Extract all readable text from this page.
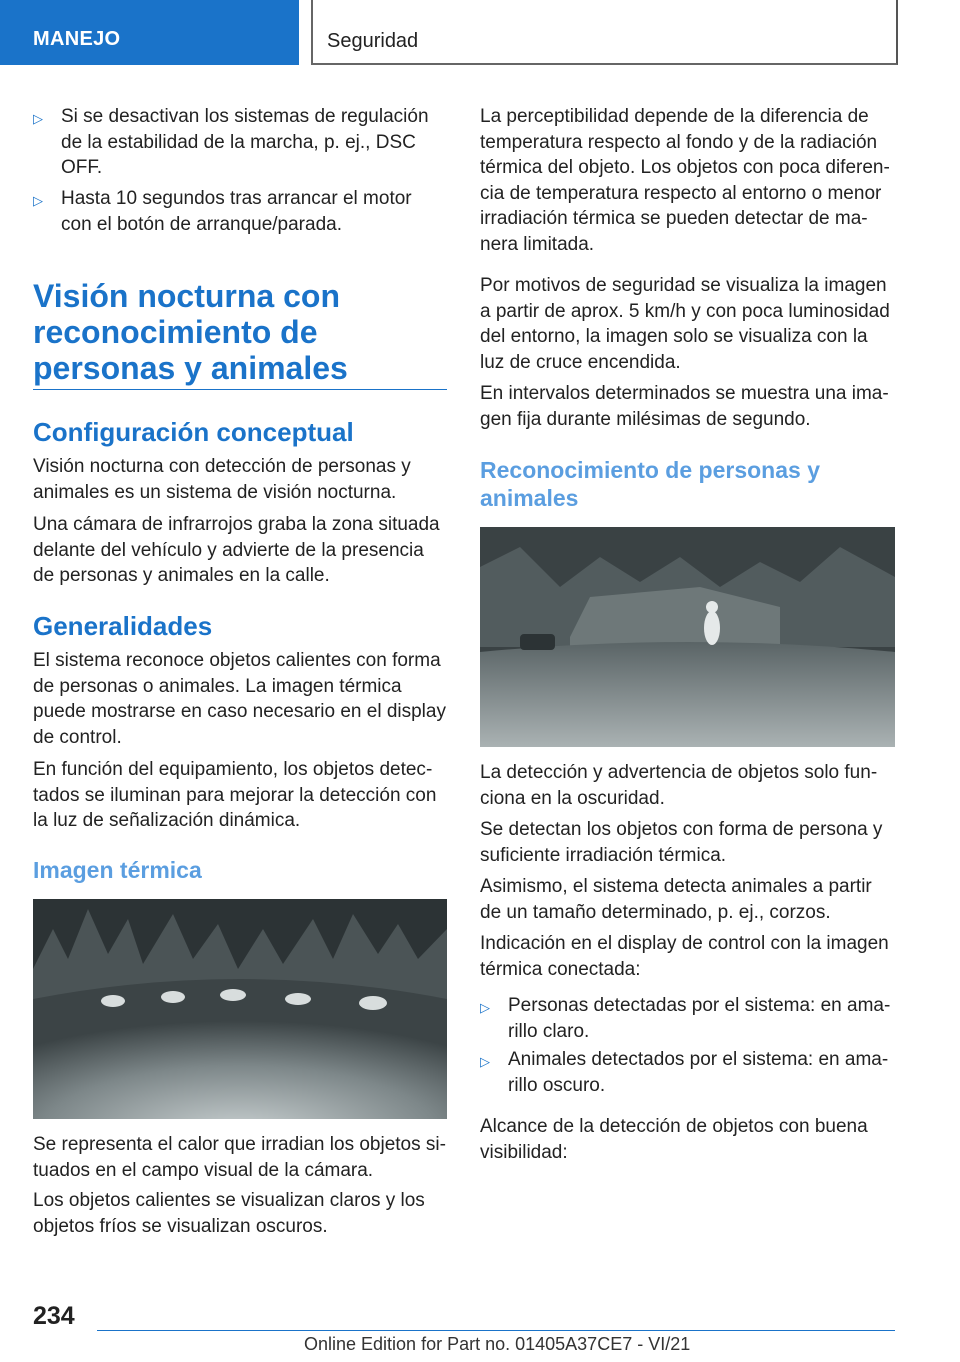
MANEJO	Seguridad
▷ Si se desactivan los sistemas de regulación de la estabilidad de la marcha, p. ej., DSC OFF.
▷ Hasta 10 segundos tras arrancar el motor con el botón de arranque/parada.
Visión nocturna con reconocimiento de personas y animales
Configuración conceptual

Visión nocturna con detección de personas y animales es un sistema de visión nocturna.

Una cámara de infrarrojos graba la zona situada delante del vehículo y advierte de la presencia de personas y animales en la calle.

Generalidades

El sistema reconoce objetos calientes con forma de personas o animales. La imagen térmica puede mostrarse en caso necesario en el display de control.

En función del equipamiento, los objetos detectados se iluminan para mejorar la detección con la luz de señalización dinámica.

Imagen térmica

Se representa el calor que irradian los objetos situados en el campo visual de la cámara.

Los objetos calientes se visualizan claros y los objetos fríos se visualizan oscuros.

La perceptibilidad depende de la diferencia de temperatura respecto al fondo y de la radiación térmica del objeto. Los objetos con poca diferencia de temperatura respecto al entorno o menor irradiación térmica se pueden detectar de manera limitada.

Por motivos de seguridad se visualiza la imagen a partir de aprox. 5 km/h y con poca luminosidad del entorno, la imagen solo se visualiza con la luz de cruce encendida.

En intervalos determinados se muestra una imagen fija durante milésimas de segundo.

Reconocimiento de personas y animales

La detección y advertencia de objetos solo funciona en la oscuridad.

Se detectan los objetos con forma de persona y suficiente irradiación térmica.

Asimismo, el sistema detecta animales a partir de un tamaño determinado, p. ej., corzos.

Indicación en el display de control con la imagen térmica conectada:

▷ Personas detectadas por el sistema: en amarillo claro.
▷ Animales detectados por el sistema: en amarillo oscuro.

Alcance de la detección de objetos con buena visibilidad:

234
Online Edition for Part no. 01405A37CE7 - VI/21
